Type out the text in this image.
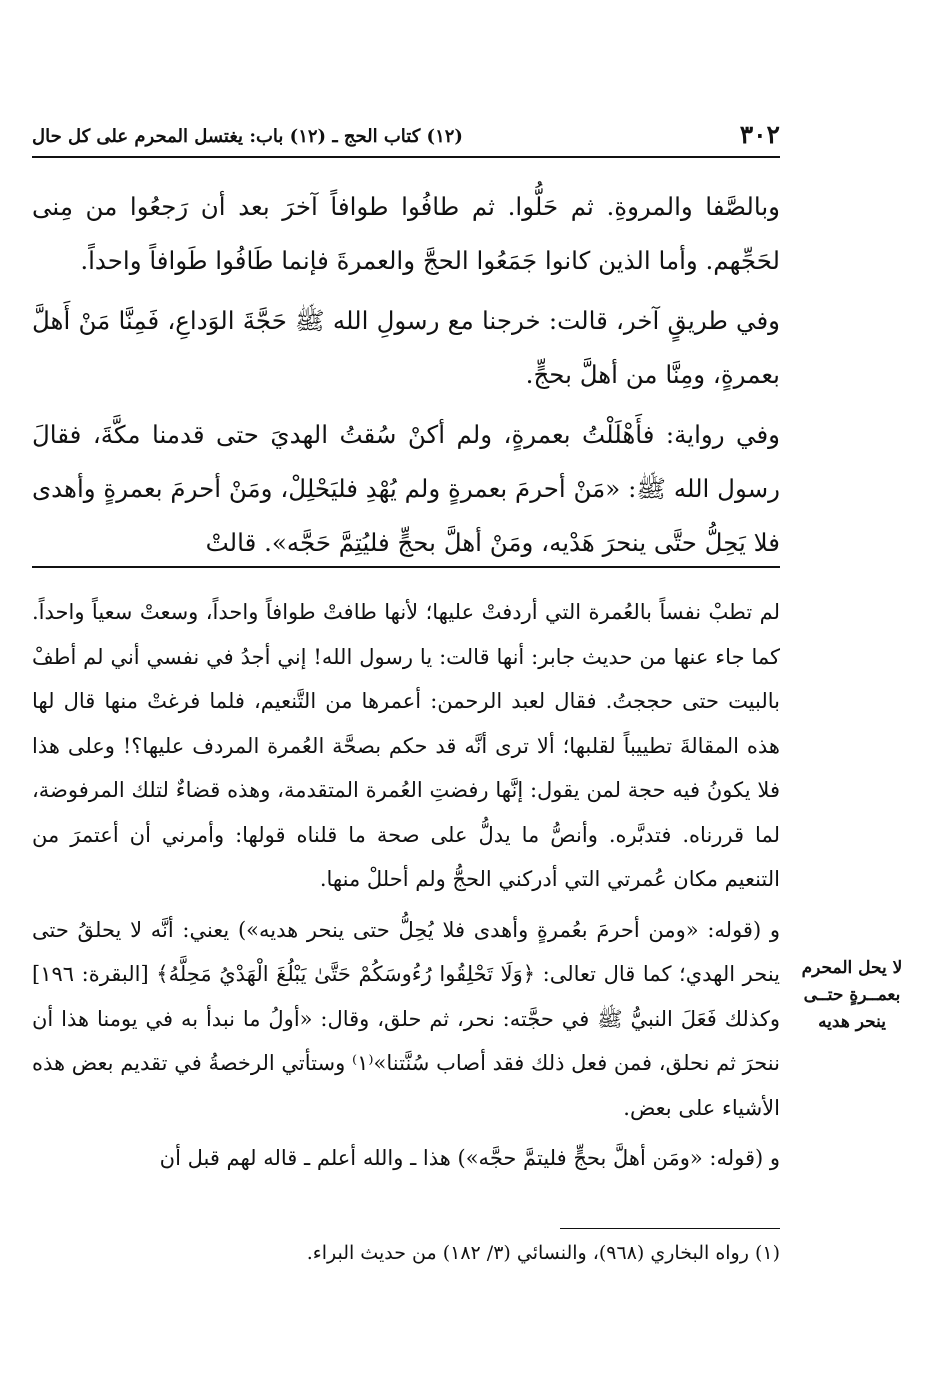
٣٠٢
(١٢) كتاب الحج ـ (١٢) باب: يغتسل المحرم على كل حال

وبالصَّفا والمروةِ. ثم حَلُّوا. ثم طافُوا طوافاً آخرَ بعد أن رَجعُوا من مِنى لحَجِّهم. وأما الذين كانوا جَمَعُوا الحجَّ والعمرةَ فإنما طَافُوا طَوافاً واحداً.

وفي طريقٍ آخر، قالت: خرجنا مع رسولِ الله ﷺ حَجَّةَ الوَداعِ، فَمِنَّا مَنْ أَهلَّ بعمرةٍ، ومِنَّا من أهلَّ بحجٍّ.

وفي رواية: فأَهْلَلْتُ بعمرةٍ، ولم أكنْ سُقتُ الهديَ حتى قدمنا مكَّةَ، فقالَ رسول الله ﷺ: «مَنْ أحرمَ بعمرةٍ ولم يُهْدِ فليَحْلِلْ، ومَنْ أحرمَ بعمرةٍ وأهدى فلا يَحِلُّ حتَّى ينحرَ هَدْيه، ومَنْ أهلَّ بحجٍّ فليُتِمَّ حَجَّه». قالتْ

لم تطبْ نفساً بالعُمرة التي أردفتْ عليها؛ لأنها طافتْ طوافاً واحداً، وسعتْ سعياً واحداً. كما جاء عنها من حديث جابر: أنها قالت: يا رسول الله! إني أجدُ في نفسي أني لم أطفْ بالبيت حتى حججتُ. فقال لعبد الرحمن: أعمرها من التَّنعيم، فلما فرغتْ منها قال لها هذه المقالةَ تطييباً لقلبها؛ ألا ترى أنَّه قد حكم بصحَّة العُمرة المردف عليها؟! وعلى هذا فلا يكونُ فيه حجة لمن يقول: إنَّها رفضتِ العُمرة المتقدمة، وهذه قضاءٌ لتلك المرفوضة، لما قررناه. فتدبَّره. وأنصُّ ما يدلُّ على صحة ما قلناه قولها: وأمرني أن أعتمرَ من التنعيم مكان عُمرتي التي أدركني الحجُّ ولم أحللْ منها.

و (قوله: «ومن أحرمَ بعُمرةٍ وأهدى فلا يُحِلُّ حتى ينحر هديه») يعني: أنَّه لا يحلقُ حتى ينحر الهدي؛ كما قال تعالى: ﴿وَلَا تَحْلِقُوا رُءُوسَكُمْ حَتَّىٰ يَبْلُغَ الْهَدْيُ مَحِلَّهُ﴾ [البقرة: ١٩٦] وكذلك فَعَلَ النبيُّ ﷺ في حجَّته: نحر، ثم حلق، وقال: «أولُ ما نبدأ به في يومنا هذا أن ننحرَ ثم نحلق، فمن فعل ذلك فقد أصاب سُنَّتنا»⁽١⁾ وستأتي الرخصةُ في تقديم بعض هذه الأشياء على بعض.

و (قوله: «ومَن أهلَّ بحجٍّ فليتمَّ حجَّه») هذا ـ والله أعلم ـ قاله لهم قبل أن

لا يحل المحرم
بعمــرةٍ حتــى
ينحر هديه
(١) رواه البخاري (٩٦٨)، والنسائي (٣/ ١٨٢) من حديث البراء.
